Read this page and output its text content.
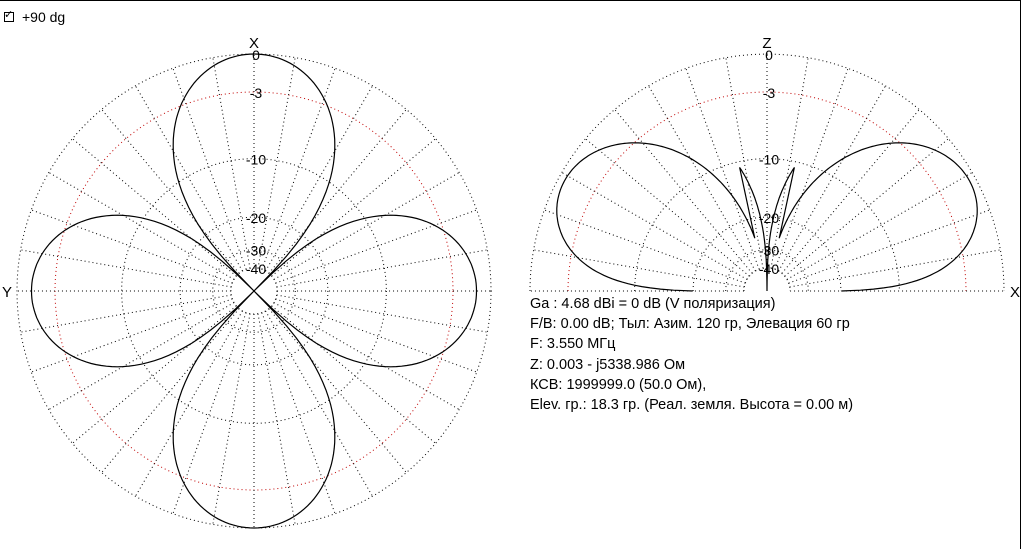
✓ +90 dg
0
-3
-10
-20
-30
-40
X
Y
0
-3
-10
-20
-30
-40
Z
X
Ga : 4.68 dBi = 0 dB (V поляризация)
F/B: 0.00 dB; Тыл: Азим. 120 гр, Элевация 60 гр
F: 3.550 МГц
Z: 0.003 - j5338.986 Ом
КСВ: 1999999.0 (50.0 Ом),
Elev. гр.: 18.3 гр. (Реал. земля. Высота = 0.00 м)
